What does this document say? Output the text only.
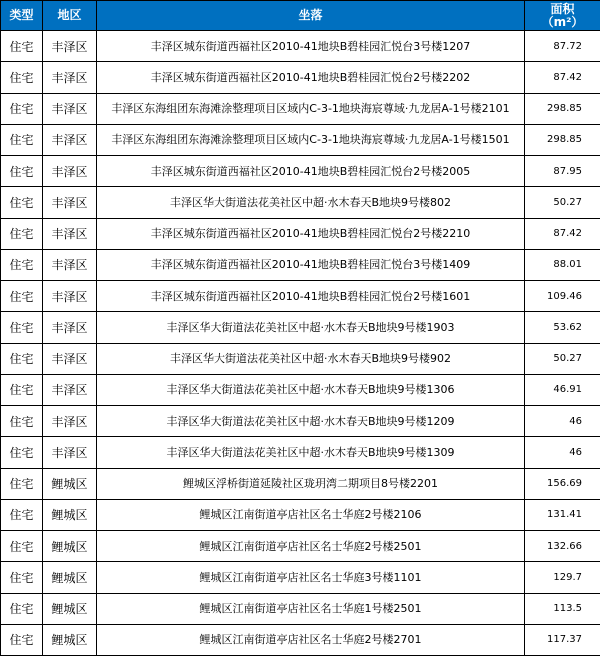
类型	地区	坐落	面积
（m²）

住宅	丰泽区	丰泽区城东街道西福社区2010-41地块B碧桂园汇悦台3号楼1207	87.72
住宅	丰泽区	丰泽区城东街道西福社区2010-41地块B碧桂园汇悦台2号楼2202	87.42
住宅	丰泽区	丰泽区东海组团东海滩涂整理项目区域内C-3-1地块海宸尊域·九龙居A-1号楼2101	298.85
住宅	丰泽区	丰泽区东海组团东海滩涂整理项目区域内C-3-1地块海宸尊域·九龙居A-1号楼1501	298.85
住宅	丰泽区	丰泽区城东街道西福社区2010-41地块B碧桂园汇悦台2号楼2005	87.95
住宅	丰泽区	丰泽区华大街道法花美社区中超·水木春天B地块9号楼802	50.27
住宅	丰泽区	丰泽区城东街道西福社区2010-41地块B碧桂园汇悦台2号楼2210	87.42
住宅	丰泽区	丰泽区城东街道西福社区2010-41地块B碧桂园汇悦台3号楼1409	88.01
住宅	丰泽区	丰泽区城东街道西福社区2010-41地块B碧桂园汇悦台2号楼1601	109.46
住宅	丰泽区	丰泽区华大街道法花美社区中超·水木春天B地块9号楼1903	53.62
住宅	丰泽区	丰泽区华大街道法花美社区中超·水木春天B地块9号楼902	50.27
住宅	丰泽区	丰泽区华大街道法花美社区中超·水木春天B地块9号楼1306	46.91
住宅	丰泽区	丰泽区华大街道法花美社区中超·水木春天B地块9号楼1209	46
住宅	丰泽区	丰泽区华大街道法花美社区中超·水木春天B地块9号楼1309	46
住宅	鲤城区	鲤城区浮桥街道延陵社区珑玥湾二期项目8号楼2201	156.69
住宅	鲤城区	鲤城区江南街道亭店社区名士华庭2号楼2106	131.41
住宅	鲤城区	鲤城区江南街道亭店社区名士华庭2号楼2501	132.66
住宅	鲤城区	鲤城区江南街道亭店社区名士华庭3号楼1101	129.7
住宅	鲤城区	鲤城区江南街道亭店社区名士华庭1号楼2501	113.5
住宅	鲤城区	鲤城区江南街道亭店社区名士华庭2号楼2701	117.37
